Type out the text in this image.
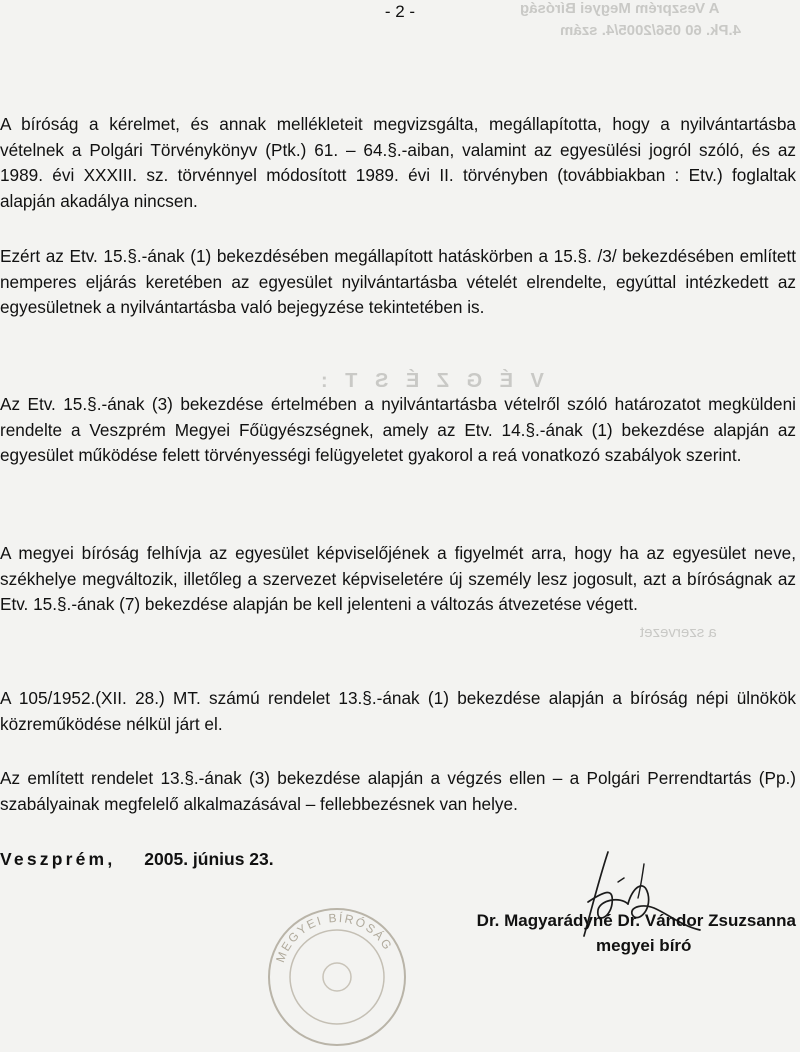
A Veszprém Megyei Bíróság
4.Pk. 60 056/2005/4. szám
V É G Z É S T :
a szervezet
- 2 -

A bíróság a kérelmet, és annak mellékleteit megvizsgálta, megállapította, hogy a nyilvántartásba vételnek a Polgári Törvénykönyv (Ptk.) 61. – 64.§.-aiban, valamint az egyesülési jogról szóló, és az 1989. évi XXXIII. sz. törvénnyel módosított 1989. évi II. törvényben (továbbiakban : Etv.) foglaltak alapján akadálya nincsen.

Ezért az Etv. 15.§.-ának (1) bekezdésében megállapított hatáskörben a 15.§. /3/ bekezdésében említett nemperes eljárás keretében az egyesület nyilvántartásba vételét elrendelte, egyúttal intézkedett az egyesületnek a nyilvántartásba való bejegyzése tekintetében is.

Az Etv. 15.§.-ának (3) bekezdése értelmében a nyilvántartásba vételről szóló határozatot megküldeni rendelte a Veszprém Megyei Főügyészségnek, amely az Etv. 14.§.-ának (1) bekezdése alapján az egyesület működése felett törvényességi felügyeletet gyakorol a reá vonatkozó szabályok szerint.

A megyei bíróság felhívja az egyesület képviselőjének a figyelmét arra, hogy ha az egyesület neve, székhelye megváltozik, illetőleg a szervezet képviseletére új személy lesz jogosult, azt a bíróságnak az Etv. 15.§.-ának (7) bekezdése alapján be kell jelenteni a változás átvezetése végett.

A 105/1952.(XII. 28.) MT. számú rendelet 13.§.-ának (1) bekezdése alapján a bíróság népi ülnökök közreműködése nélkül járt el.

Az említett rendelet 13.§.-ának (3) bekezdése alapján a végzés ellen – a Polgári Perrendtartás (Pp.) szabályainak megfelelő alkalmazásával – fellebbezésnek van helye.

Veszprém, 2005. június 23.
MEGYEI BÍRÓSÁG
Dr. Magyarádyné Dr. Vándor Zsuzsanna
megyei bíró
